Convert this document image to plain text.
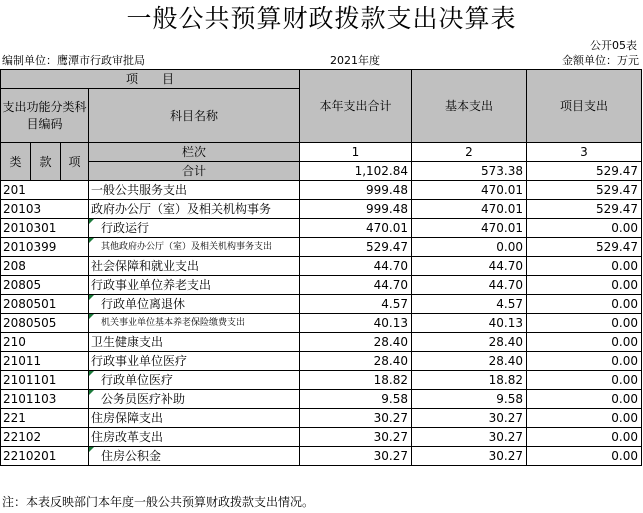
一般公共预算财政拨款支出决算表
公开05表
编制单位：鹰潭市行政审批局	2021年度	金额单位：万元
项　　目				本年支出合计	基本支出	项目支出
支出功能分类科目编码			科目名称			

类	款	项	栏次	1	2	3
			合计	1,102.84	573.38	529.47
201			一般公共服务支出	999.48	470.01	529.47
20103			政府办公厅（室）及相关机构事务	999.48	470.01	529.47
2010301			行政运行	470.01	470.01	0.00
2010399			其他政府办公厅（室）及相关机构事务支出	529.47	0.00	529.47
208			社会保障和就业支出	44.70	44.70	0.00
20805			行政事业单位养老支出	44.70	44.70	0.00
2080501			行政单位离退休	4.57	4.57	0.00
2080505			机关事业单位基本养老保险缴费支出	40.13	40.13	0.00
210			卫生健康支出	28.40	28.40	0.00
21011			行政事业单位医疗	28.40	28.40	0.00
2101101			行政单位医疗	18.82	18.82	0.00
2101103			公务员医疗补助	9.58	9.58	0.00
221			住房保障支出	30.27	30.27	0.00
22102			住房改革支出	30.27	30.27	0.00
2210201			住房公积金	30.27	30.27	0.00
注：本表反映部门本年度一般公共预算财政拨款支出情况。
